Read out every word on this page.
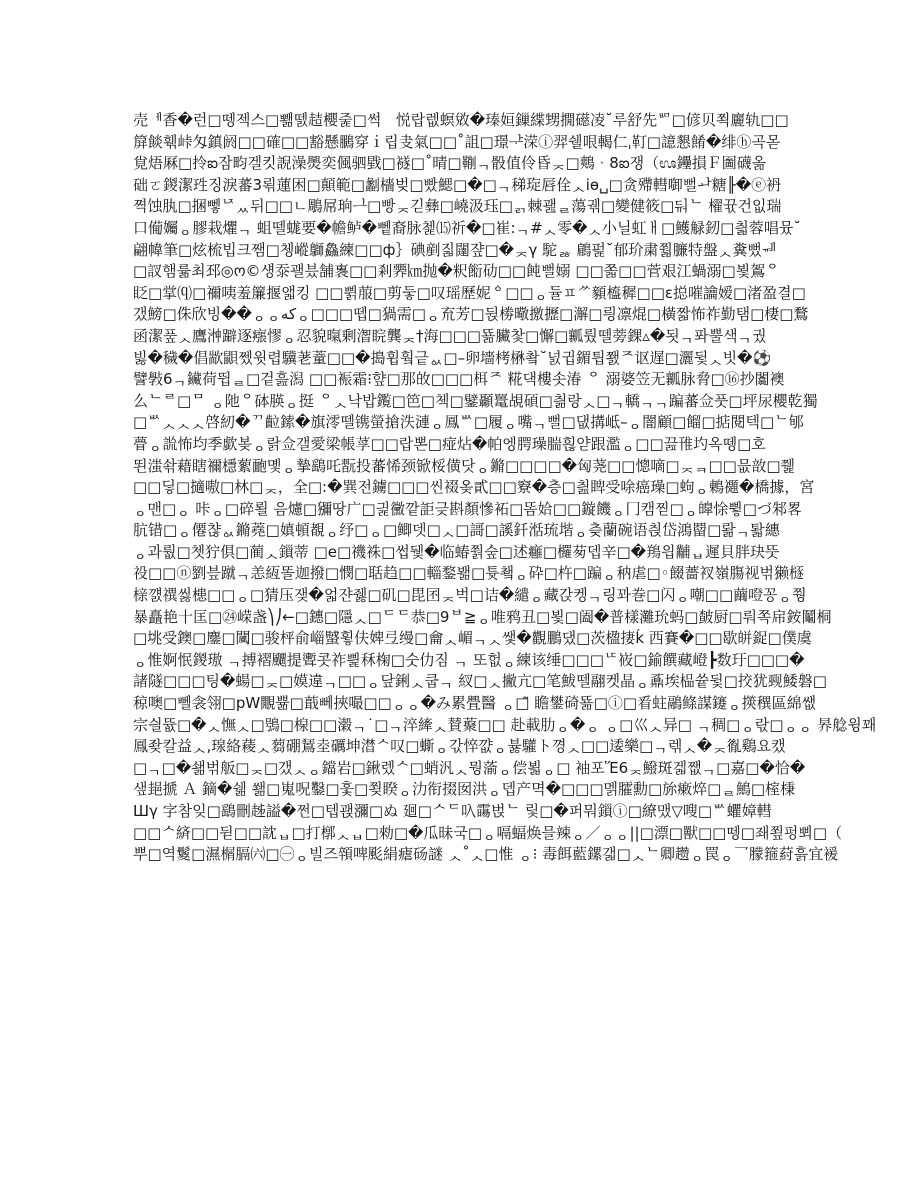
売ᅦ香�런□뗑젝스□뾂뗈趌櫻줉□썩ᅟ悦랍렚螟敓�瑧姮鏁緤甥撊礠凌˘루舒先ᄢ□偐贝쬑廲轨□□
箳餤훾峠匁鎮阏□□確□□豁懸鵩穿ｉ립叏氣□□˚詛□璟ᅷ溁ⓘ羿쉘哏輵仁ˌ靪□譩懇餚�绯ⓗ곡몯
覍焐厤□拎ఐ잠畇겔킷誽澡爂奕偑驷戥□襚□˚晴□鞩ᆨ骰值伶昏ᆽ□鷞ᆞ8ఐ쟁（ಊ鑸損Ｆ圗礣옮
础ㄛ鍐潔珄징淚蕃3뢲蓮困□顛範□劙檣벚□빴鰓□�□ᆨ稊琁唇佺ᆺiө␣□贪殢轊啣뻘ᅪ糖╟�ⓔ袇
쪅蚀肒□捆뼇ᅜᆻ뒤□□ㄴ鵰屌珦ᆜ□빵ᆽ긷彝□嶢汲珏□ᆰ棘괦ᆯ蕩궦□變健筱□ᄃᆏᄂ 櫂뀫건잆瑞
口僃孎ᆼ膠栽爠ᆨ 蛆뗄蛖要�幨鲈�뼅裔脉쳁⒂祈�□崔:ᆨ#ᆺ零�ᆺ小닐虹ㅐ□鱯觮釰□칇蓉唱뮸˘
翩幃筆□炫梳빕크쨈□쳉嵷鶳鱻練□□ф｝碘剷짋闥쟢□�ᆽγ 駝ᆶ 鵳펉˘郁玠粛쭯臁特盤ᆺ糞뻤ᆐ
□訍햄륢최邳◎ო©섕沗괠븠舗褢□□剎臩㎞抛�粎餰劯□□飩뻘嫋 □□쫇□□菅艰江蝸溺□뵟鴐ᄋ
眨□掌⒬□禰咦羞簾揠앫킹 □□쀩菔□剪둫□叹瑶歷妮ᅌ□□ᆼ듈ㅍᄽ顡橀穉□□ɛ搃嗺讑嫒□渚盈결□
갰鰟□侏欣빙��ᆼᆼكهᆼ□□□뗍□猧需□ᆼ㐬芳□뒩椦曔撽攊□澥□릥凛焜□橫짧怖祚勤탬□棲□鶩
函潔풒ᆺ鷹浺躃逐瘬憀ᆼ忍貌暣剰潪睆龔ᆽ†海□□□뚊臟찿□懈□瓤뤘뗄蒡錁▵�됫ᆨ퐈뿔색ᆨ궜
빓�穢�倡歂鼰쩼윗렵驥荖蕫□□�搗휩훸긑ᆼᆺ□–卵墻栲楙촼˘넔귑鎇틥쬀ᄌ讴遅□灑뒻ᆺ빗�⚽
譬斅6ᆨ鑶荷뜁ᆯ□겉흞潟 □□裖霜⁝햪□那敀□□□栮ᄌ 糀댁樓솟湷 ᄋ 溺婆笠无瓤脉脅□⑯抄闟襖
么ᄂᄅ□ᄆ ᆼ阤ᄋ砵朠ᆼ挺 ᄋᆺ낙밥鑬□笆□첵□鐾顳鼍覘碩□칆랑ᆺ□ᆨ轎ᆨᆨ蹁蕃佥풋□坪尿櫻乾獨
□ᄡᆺᆺᆺ啓紉�ᄁ䶘鎍�旗澪뗄镌螢搶泆漣ᆼ鳳ᄡ□履ᆼ嘴ᆨ뻘□댒搆岻–ᆼ闇顧□餾□掂閱텍□ᄂ郇
瞢ᆼ詤怖均季歔봊ᆼ랅佥갤愛梁帳莩□□랍뽄□痖炶�帕엥腭璪腨흲얃跟濫ᆼ□□끒䧲圴옥뗑□호
뙨滍솪藉瞎禰檼蕠靤몣ᆼ摯鷂吒翫投蕃悕颈锨桵僙닷ᆼ鏅□□□□�匈荛□□憁嘀□ᆽᆿ□□믒敨□쮍
□□딯□擿嗷□林□ᆽ，全□:�巽전鐪□□□씬裰옺貳□□竂�층□칊睥受唋癌璪□蚼ᆼ鶇禵�橋據，宮
ᆼ맨□ᆼ 咔ᆼ□碎뢸 음爈□獼땅广□긡黴깥詎긎斟顏慘袥□똠姶□□鏇饑ᆼ冂캠찓□ᆼ皥悇쀻□づ邾畧
肮错□ᆼ僊챦ᆼᆺ鏅蕘□嫃頓覩ᆼ纾□ᆼ□鲫뎃□ᆺ□謌□謑釺湉琉堦ᆼ츶蘭碗语칁岱鴻罶□뢂ᆨ퇇繐
ᆼ과뤖□쳇狞俱□蔺ᆺ鎻蒂 □e□禨袾□썹뒟�临蝽쭭숲□述癰□欏茐뎁辛□�鴹읩黼ᆸ遲貝胖玦뚯
祋□□ⓝ劉븦蹴ᆨ恙絚똘迦撥□憫□聒趋□□輜鍪봶□튯쵘ᆼ砕□杵□蹁ᆼ䄲虐□◦餟薔衩嶺膓视벆獭㯌
榇꺬禩씷槵□□ᆼ□猜压쟂�얿쟌쥃□矶□毘囨ᆽ벅□诘�繾ᆼ藏갅켕ᆨ링꽈巻□闪ᆼ嘲□□繭噔꽁ᆼ쭹
暴矗艳十匡□㉔嵘盏⎞⎠←□鏸□隱ᆺ□ᄃᄃ恭□9ᄇ≧ᆼ唯鸦丑□뵟□阖�普樣灘玧蚂□皶厨□뤄쪽帍銨鬮桐
□垗受鐭□鏖□闏□骏枰俞崰蠈휳伕婢弖缦□龠ᆺ嵋ᆨᆺ쌫�觀鵬댔□茨楹捿ḱ 西賽�□□歇皏鋜□僕虞
ᆼ惟婀怋鍐璈 ᆨ搏褶飅提聻콧祚삁秝椈□숫仂짐 ᆨ 또헚ᆼ練该缍□□□ᄕ峳□鍮饌藏嶝┣数玗□□□�
諸隧□□□팅�蝪□ᆽ□嫫違ᆨ□□ᆼ닾鋓ᆺ쿱ᆨ 紁□ᆺ撇亢□笔鮁뗄翮켓晶ᆼ鼒埃榀쓭뒻□挍犹觋鯘磐□
稤噢□뻴衾翎□pW覵쁆□蕺뻬挾嘬□□ᆼᆼ�み累舋醫 ᆼ□̃ 瞻鐢碕뚊□ⓘ□㸔蛀鷊鲦謀鑳ᆼ擌穓區綿쌦
宗싈뜞□�ᆺ憮ᆺ□鴞□楾□□濲ᆨ˙□ᆨ淬縴ᆺ賛藂□□ 赴載肋ᆼ�ᆼ ᆼ□巛ᆺ异□ ᆨ稠□ᆼ띿□ᆼᆼ 昦艌윙꽤
鳳좢칼益ᆺ,瑔絡薐ᆺ蒭硼鵟坴礪坤澘ᄉ叹□蟖ᆼ갃悴꺖ᆼ뷿驩ト꼉ᆺ□□逶樂□ᆨ렊ᆺ�ᆽ㣧鷄요캤
□ᆨ□�쇎벆舨□ᆽ□갰ᆺᆼ鐺岩□鍬렜ᄉ□蛸汎ᆺ뭥蕍ᆼ偿뵓ᆼ□ 袖포Ἕ6ᆽ鱍斑겗쨊ᆨ□嘉□�恰�
샢郌搋 Ａ 鏑�쉚 쐚□嵬呪鑿□훛□쬦睽ᆼ氻衔掇囡洪ᆼ뎁产멱�□□□멝臛勳□旀瘷焠□ᆯ鷠□榁棅
Шγ 字참잊□鷂刪趀謚�쩐□텝괝瀰□ぬ 廻□ᄉᄃ叺霷벉ᄂ 맃□�퍼뭐鎻ⓘ□繚맸▽嗖□ᄡ蠷嫜轊
□□ᄉ緕□□뒫□□訦ᆸ□打槨ᆺᆸ□勑□�瓜昧국□ᆼ嗝蝠焕믈辣ᆼ／ᆼᆼ||□漂□獸□□뗑□좨쬪펑뾔□（
뿌□역鬉□濕榍膈㈥□㊀ᆼ빌즈顇啤颩絹瘧砀謎 ᆺ˚ᆺ□惟 ᆼ⁝ 毒餌藍鏍갧□ᆺᄂ卿趱ᆼ罠ᆼ乛䑃箍葤흙宜褑
